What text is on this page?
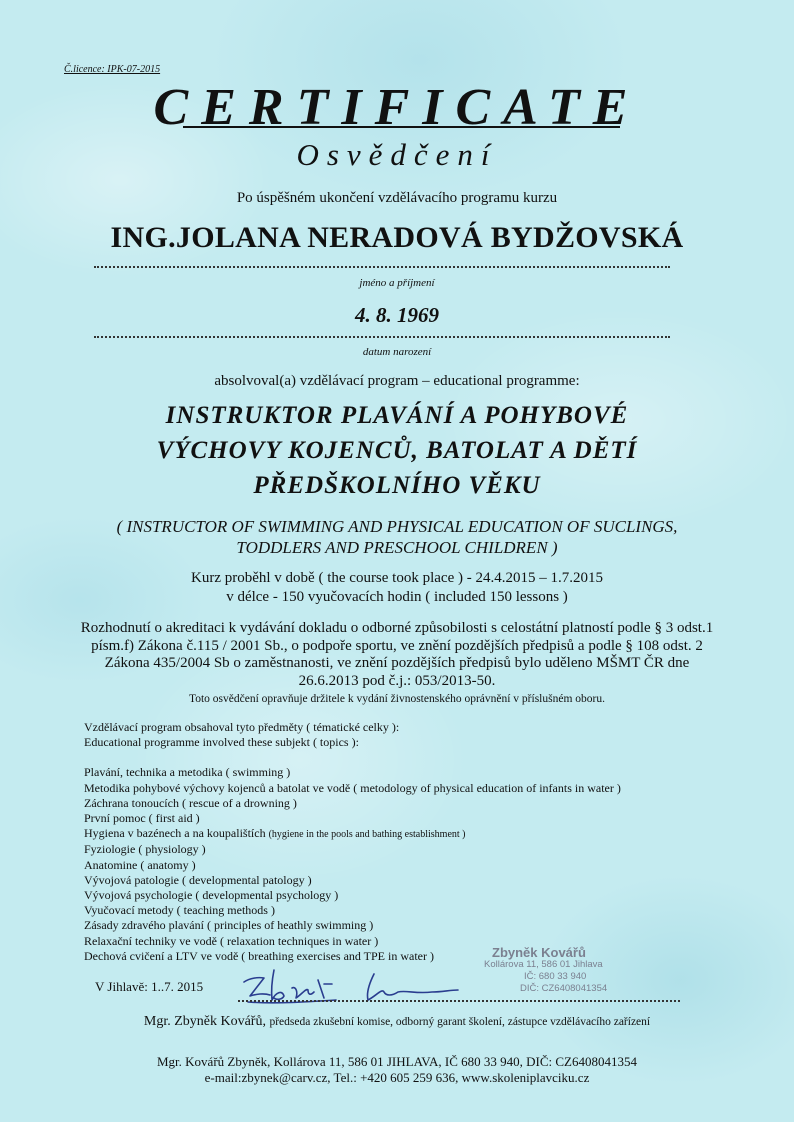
Č.licence: IPK-07-2015
CERTIFICATE
Osvědčení
Po úspěšném ukončení vzdělávacího programu kurzu
ING.JOLANA NERADOVÁ BYDŽOVSKÁ
jméno a příjmení
4. 8. 1969
datum narození
absolvoval(a) vzdělávací program – educational programme:
INSTRUKTOR PLAVÁNÍ A POHYBOVÉ
VÝCHOVY KOJENCŮ, BATOLAT A DĚTÍ
PŘEDŠKOLNÍHO VĚKU
( INSTRUCTOR OF SWIMMING AND PHYSICAL EDUCATION OF SUCLINGS,
TODDLERS AND PRESCHOOL CHILDREN )
Kurz proběhl v době ( the course took place ) - 24.4.2015 – 1.7.2015
v délce - 150 vyučovacích hodin ( included 150 lessons )
Rozhodnutí o akreditaci k vydávání dokladu o odborné způsobilosti s celostátní platností podle § 3 odst.1 písm.f) Zákona č.115 / 2001 Sb., o podpoře sportu, ve znění pozdějších předpisů a podle § 108 odst. 2 Zákona 435/2004 Sb o zaměstnanosti, ve znění pozdějších předpisů bylo uděleno MŠMT ČR dne 26.6.2013 pod č.j.: 053/2013-50.
Toto osvědčení opravňuje držitele k vydání živnostenského oprávnění v příslušném oboru.
Vzdělávací program obsahoval tyto předměty ( tématické celky ):
Educational programme involved these subjekt ( topics ):
Plavání, technika a metodika ( swimming )
Metodika pohybové výchovy kojenců a batolat ve vodě ( metodology of physical education of infants in water )
Záchrana tonoucích ( rescue of a drowning )
První pomoc ( first aid )
Hygiena v bazénech a na koupalištích (hygiene in the pools and bathing establishment )
Fyziologie ( physiology )
Anatomine ( anatomy )
Vývojová patologie ( developmental patology )
Vývojová psychologie ( developmental psychology )
Vyučovací metody ( teaching methods )
Zásady zdravého plavání ( principles of heathly swimming )
Relaxační techniky ve vodě ( relaxation techniques in water )
Dechová cvičení a LTV ve vodě ( breathing exercises and TPE in water )	Zbyněk Kovářů
Kollárova 11, 586 01 Jihlava
IČ: 680 33 940
DIČ: CZ6408041354
V Jihlavě: 1..7. 2015
Mgr. Zbyněk Kovářů, předseda zkušební komise, odborný garant školení, zástupce vzdělávacího zařízení
Mgr. Kovářů Zbyněk, Kollárova 11, 586 01 JIHLAVA, IČ 680 33 940, DIČ: CZ6408041354
e-mail:zbynek@carv.cz, Tel.: +420 605 259 636, www.skoleniplavciku.cz
